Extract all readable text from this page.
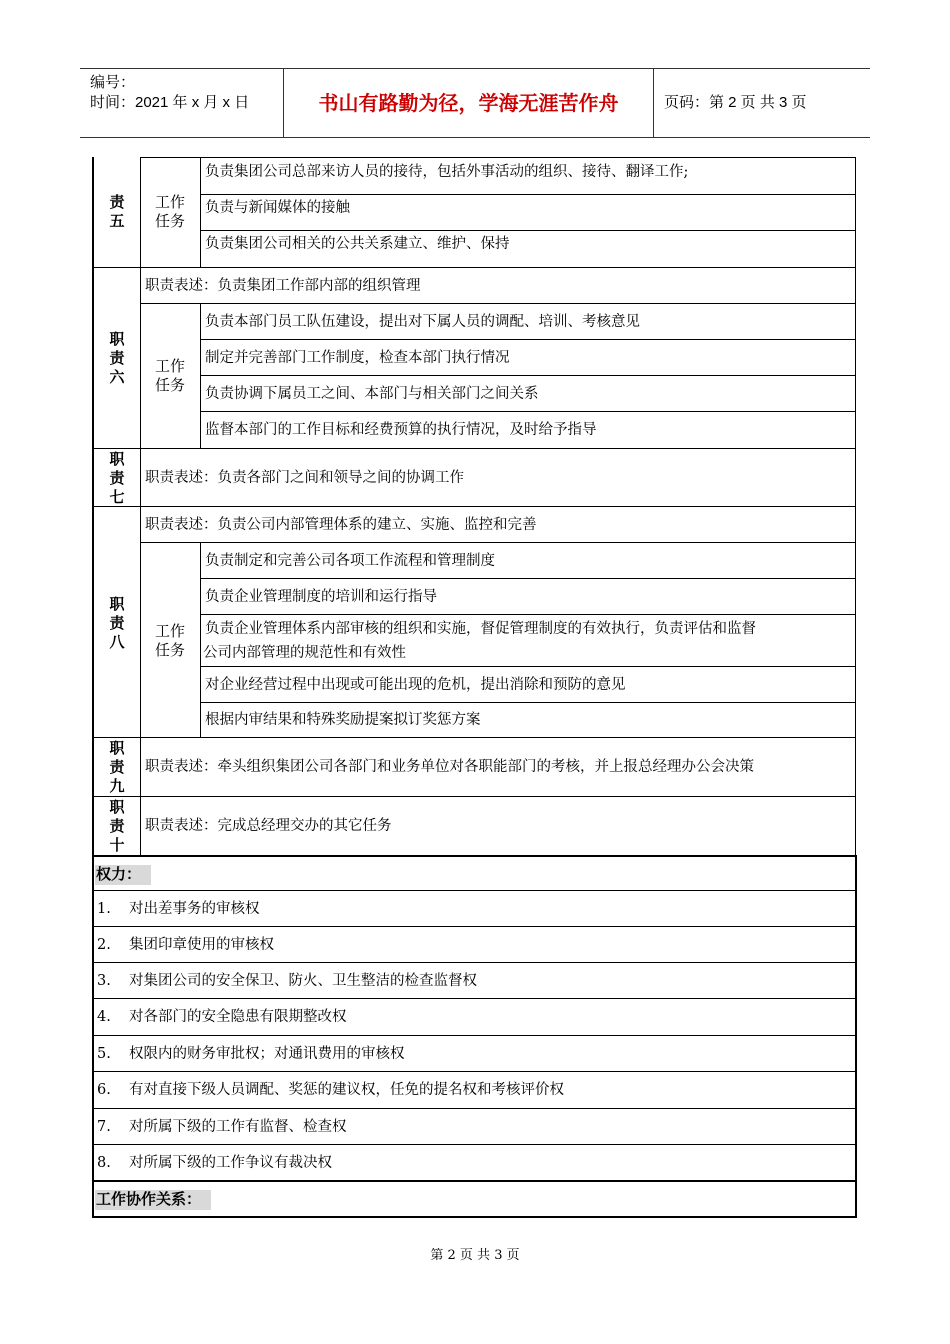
编号：
时间：2021 年 x 月 x 日	书山有路勤为径，学海无涯苦作舟	页码：第 2 页 共 3 页
责
五
工作
任务
负责集团公司总部来访人员的接待，包括外事活动的组织、接待、翻译工作;
负责与新闻媒体的接触
负责集团公司相关的公共关系建立、维护、保持
职
责
六
职责表述：负责集团工作部内部的组织管理
工作
任务
负责本部门员工队伍建设，提出对下属人员的调配、培训、考核意见
制定并完善部门工作制度，检查本部门执行情况
负责协调下属员工之间、本部门与相关部门之间关系
监督本部门的工作目标和经费预算的执行情况，及时给予指导
职
责
七
职责表述：负责各部门之间和领导之间的协调工作
职
责
八
职责表述：负责公司内部管理体系的建立、实施、监控和完善
工作
任务
负责制定和完善公司各项工作流程和管理制度
负责企业管理制度的培训和运行指导
负责企业管理体系内部审核的组织和实施，督促管理制度的有效执行，负责评估和监督
公司内部管理的规范性和有效性
对企业经营过程中出现或可能出现的危机，提出消除和预防的意见
根据内审结果和特殊奖励提案拟订奖惩方案
职
责
九
职责表述：牵头组织集团公司各部门和业务单位对各职能部门的考核，并上报总经理办公会决策
职
责
十
职责表述：完成总经理交办的其它任务
权力：
1. 对出差事务的审核权
2. 集团印章使用的审核权
3. 对集团公司的安全保卫、防火、卫生整洁的检查监督权
4. 对各部门的安全隐患有限期整改权
5. 权限内的财务审批权；对通讯费用的审核权
6. 有对直接下级人员调配、奖惩的建议权，任免的提名权和考核评价权
7. 对所属下级的工作有监督、检查权
8. 对所属下级的工作争议有裁决权
工作协作关系：
第 2 页 共 3 页
